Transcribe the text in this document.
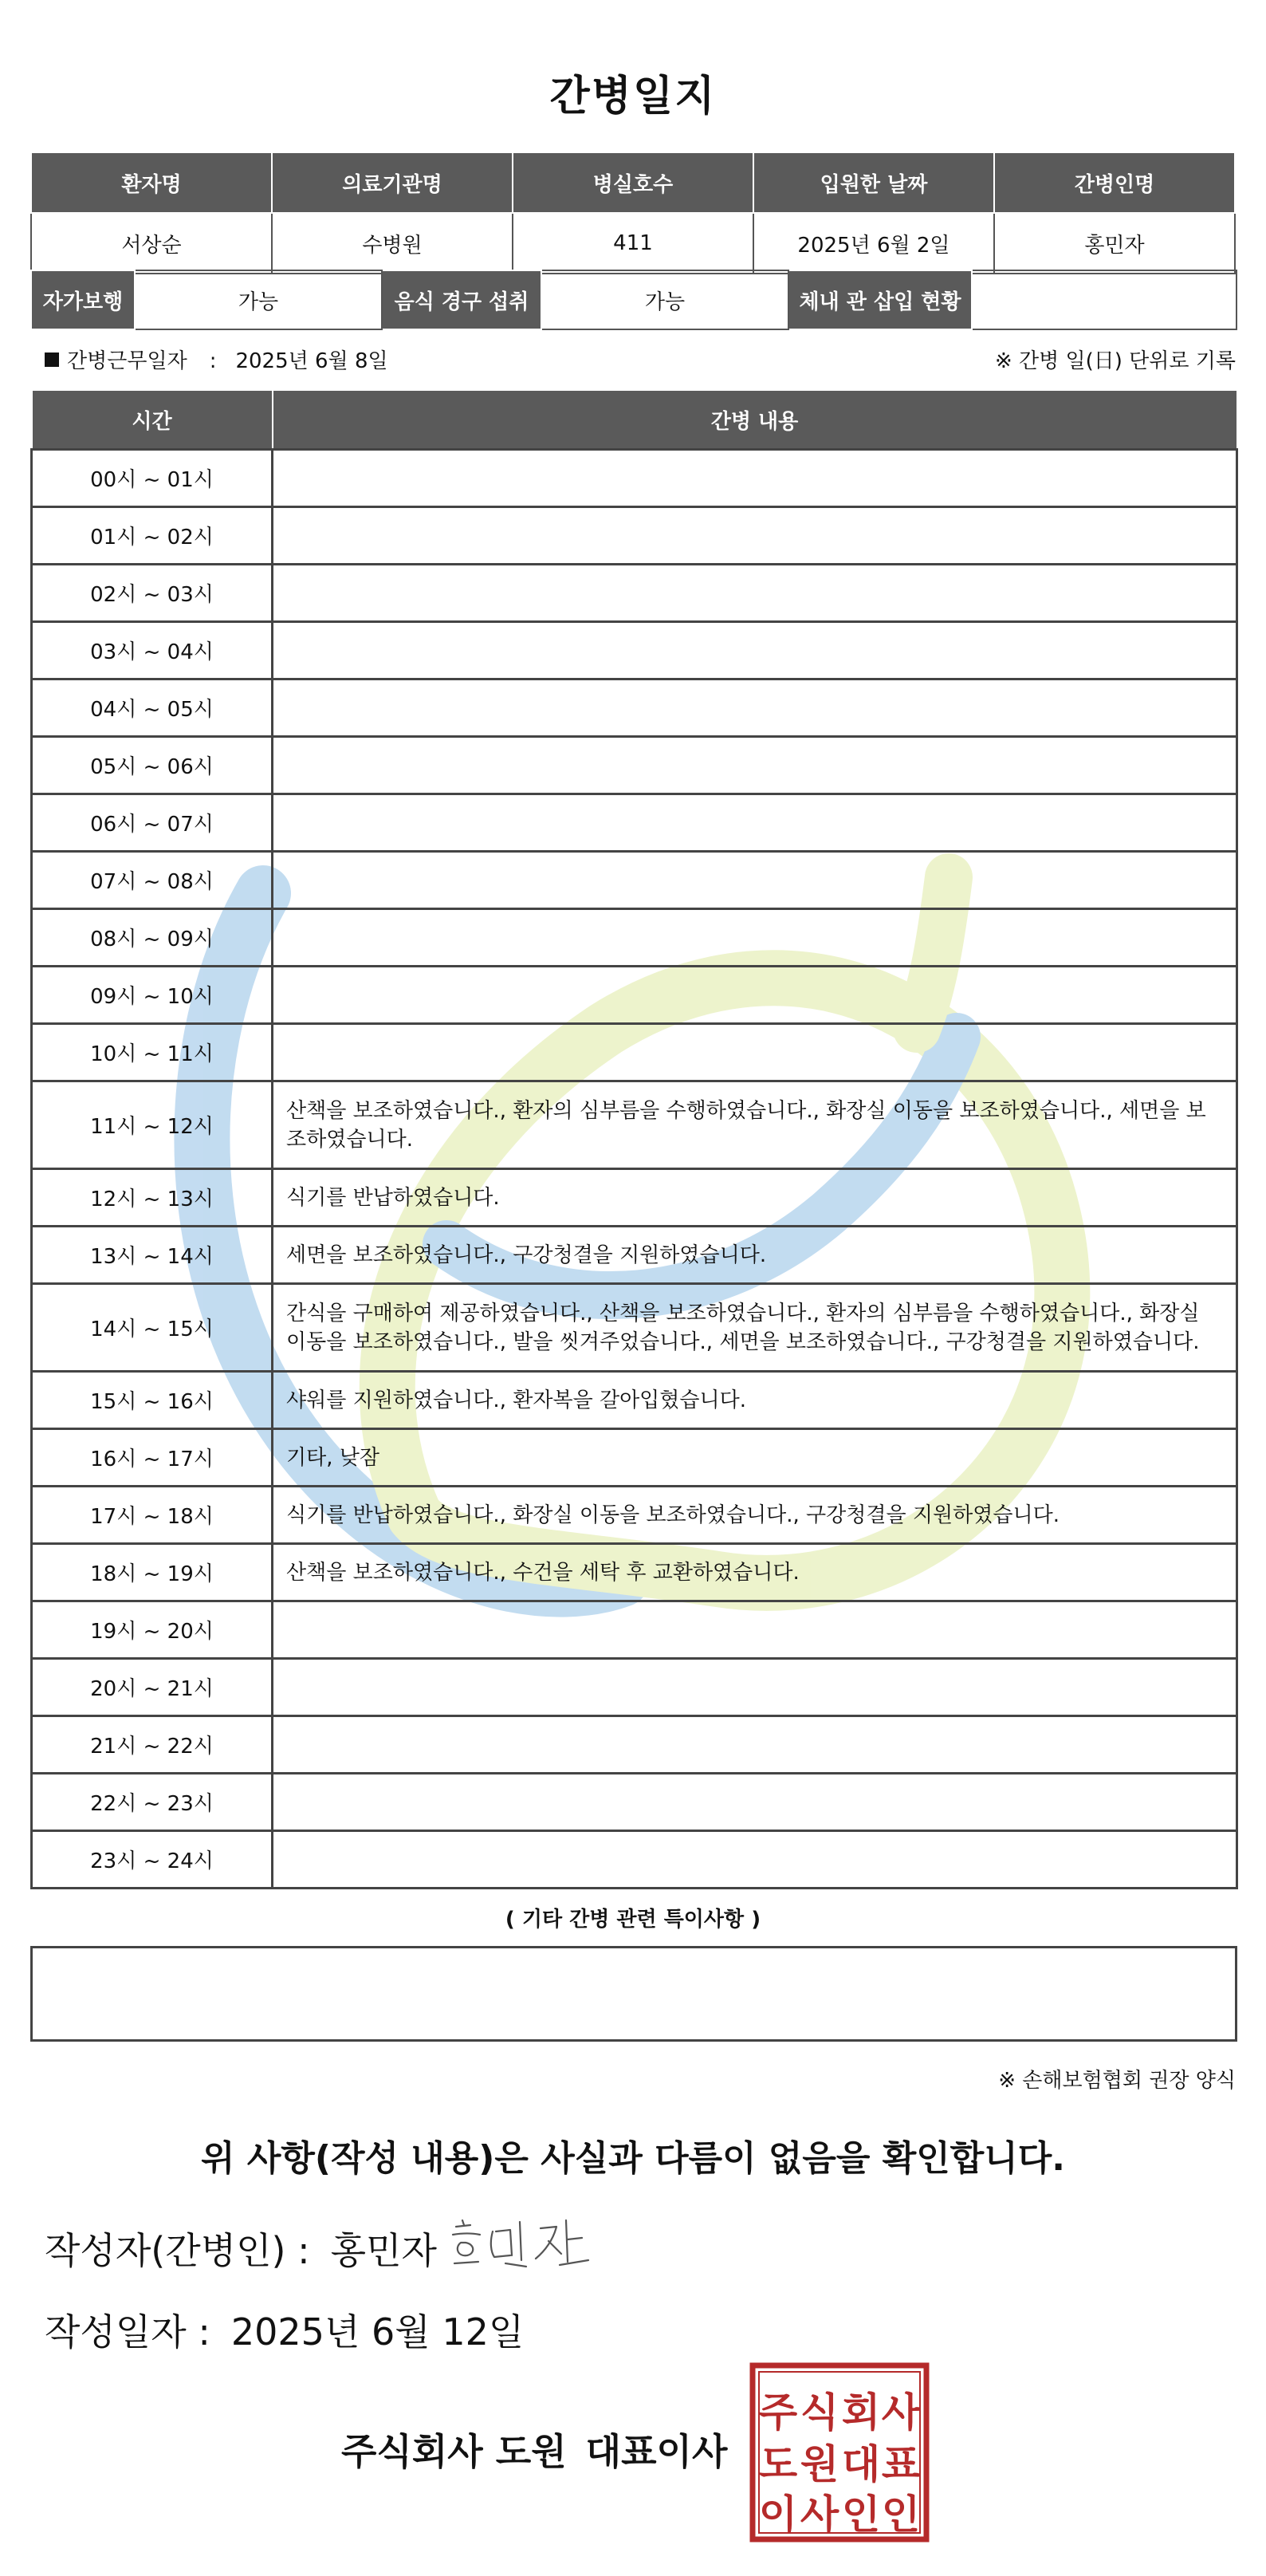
간병일지
환자명	의료기관명	병실호수	입원한 날짜	간병인명
서상순	수병원	411	2025년 6월 2일	홍민자
자가보행	가능	음식 경구 섭취	가능	체내 관 삽입 현황	
간병근무일자 : 2025년 6월 8일	※ 간병 일(日) 단위로 기록
시간	간병 내용
00시 ~ 01시	
01시 ~ 02시	
02시 ~ 03시	
03시 ~ 04시	
04시 ~ 05시	
05시 ~ 06시	
06시 ~ 07시	
07시 ~ 08시	
08시 ~ 09시	
09시 ~ 10시	
10시 ~ 11시	
11시 ~ 12시	산책을 보조하였습니다., 환자의 심부름을 수행하였습니다., 화장실 이동을 보조하였습니다., 세면을 보조하였습니다.
12시 ~ 13시	식기를 반납하였습니다.
13시 ~ 14시	세면을 보조하였습니다., 구강청결을 지원하였습니다.
14시 ~ 15시	간식을 구매하여 제공하였습니다., 산책을 보조하였습니다., 환자의 심부름을 수행하였습니다., 화장실 이동을 보조하였습니다., 발을 씻겨주었습니다., 세면을 보조하였습니다., 구강청결을 지원하였습니다.
15시 ~ 16시	샤워를 지원하였습니다., 환자복을 갈아입혔습니다.
16시 ~ 17시	기타, 낮잠
17시 ~ 18시	식기를 반납하였습니다., 화장실 이동을 보조하였습니다., 구강청결을 지원하였습니다.
18시 ~ 19시	산책을 보조하였습니다., 수건을 세탁 후 교환하였습니다.
19시 ~ 20시	
20시 ~ 21시	
21시 ~ 22시	
22시 ~ 23시	
23시 ~ 24시	
( 기타 간병 관련 특이사항 )
※ 손해보험협회 권장 양식
위 사항(작성 내용)은 사실과 다름이 없음을 확인합니다.
작성자(간병인) : 홍민자
작성일자 : 2025년 6월 12일
주식회사 도원 대표이사
주 식 회 사
도 원 대 표
이 사 인 인
